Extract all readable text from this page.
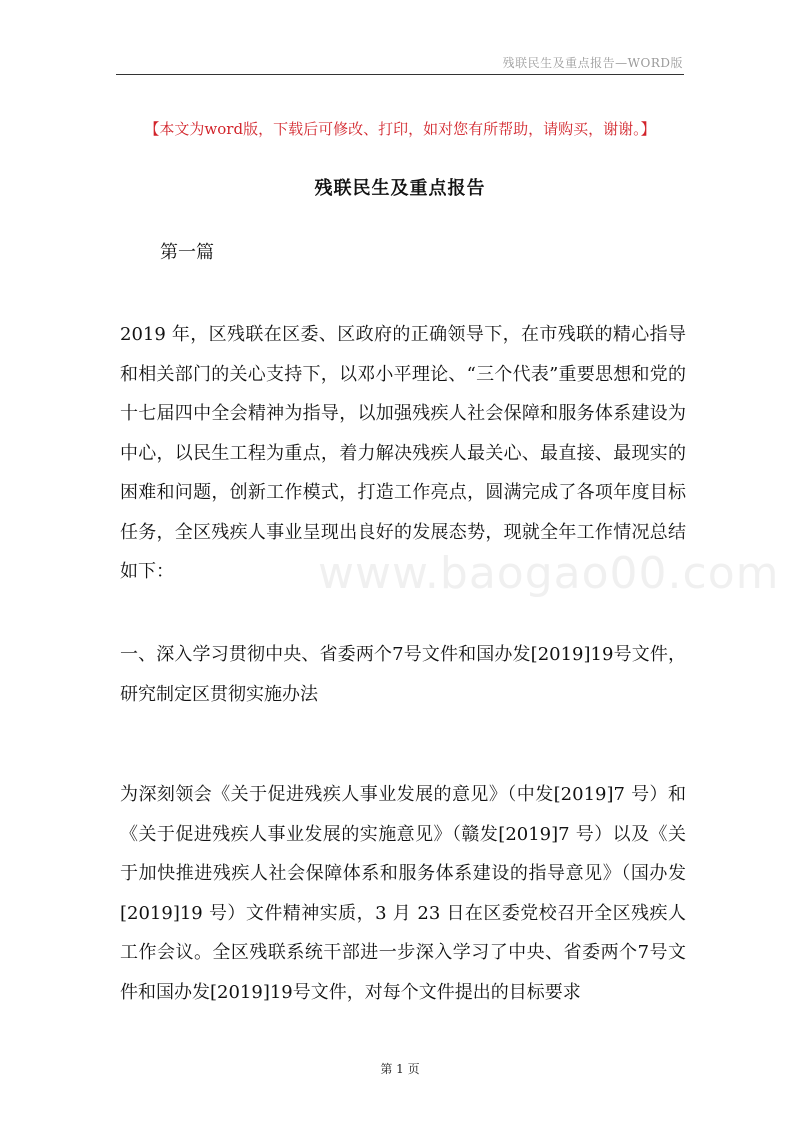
残联民生及重点报告—WORD版
【本文为word版，下载后可修改、打印，如对您有所帮助，请购买，谢谢。】
残联民生及重点报告
第一篇

2019 年，区残联在区委、区政府的正确领导下，在市残联的精心指导和相关部门的关心支持下，以邓小平理论、“三个代表”重要思想和党的十七届四中全会精神为指导，以加强残疾人社会保障和服务体系建设为中心，以民生工程为重点，着力解决残疾人最关心、最直接、最现实的困难和问题，创新工作模式，打造工作亮点，圆满完成了各项年度目标任务，全区残疾人事业呈现出良好的发展态势，现就全年工作情况总结如下：

一、深入学习贯彻中央、省委两个7号文件和国办发[2019]19号文件，研究制定区贯彻实施办法

为深刻领会《关于促进残疾人事业发展的意见》（中发[2019]7 号）和《关于促进残疾人事业发展的实施意见》（赣发[2019]7 号）以及《关于加快推进残疾人社会保障体系和服务体系建设的指导意见》（国办发[2019]19 号）文件精神实质，3 月 23 日在区委党校召开全区残疾人工作会议。全区残联系统干部进一步深入学习了中央、省委两个7号文件和国办发[2019]19号文件，对每个文件提出的目标要求

www.baogao00.com
第 1 页
